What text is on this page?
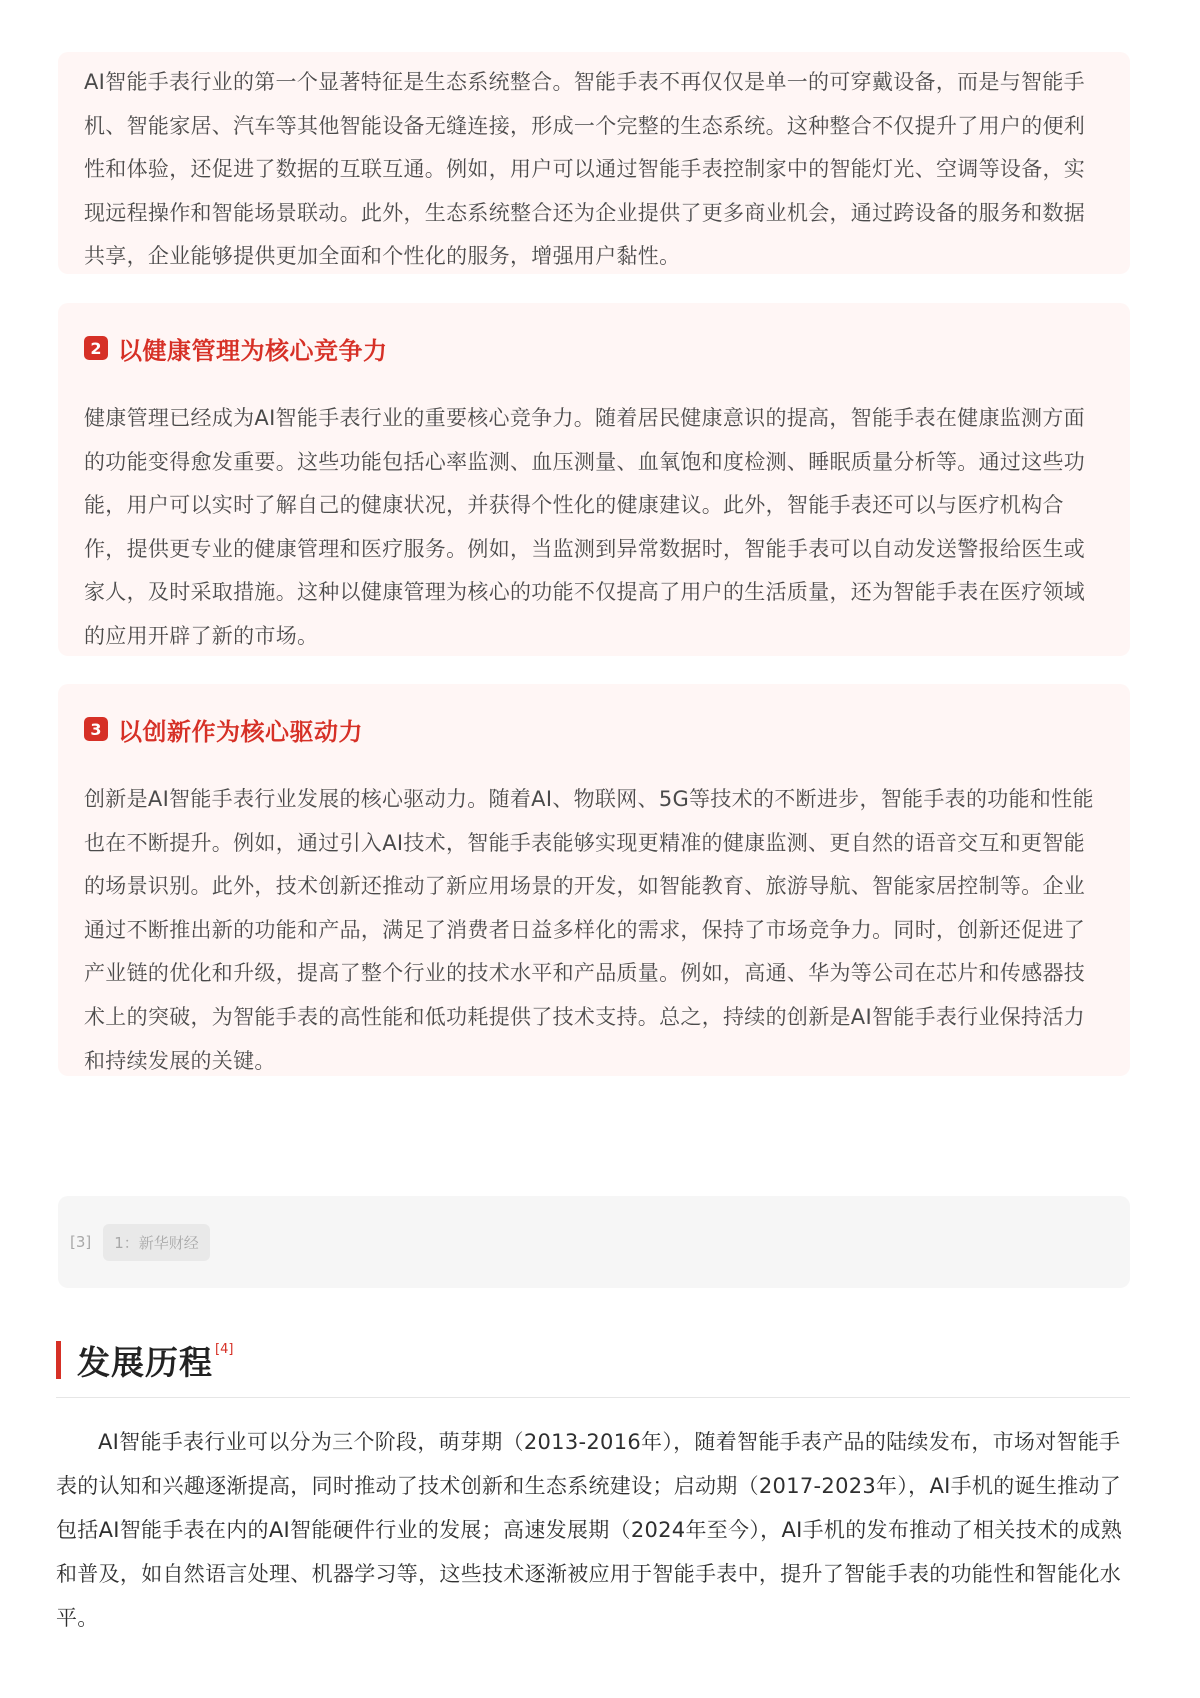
AI智能手表行业的第一个显著特征是生态系统整合。智能手表不再仅仅是单一的可穿戴设备，而是与智能手机、智能家居、汽车等其他智能设备无缝连接，形成一个完整的生态系统。这种整合不仅提升了用户的便利性和体验，还促进了数据的互联互通。例如，用户可以通过智能手表控制家中的智能灯光、空调等设备，实现远程操作和智能场景联动。此外，生态系统整合还为企业提供了更多商业机会，通过跨设备的服务和数据共享，企业能够提供更加全面和个性化的服务，增强用户黏性。

2 以健康管理为核心竞争力

健康管理已经成为AI智能手表行业的重要核心竞争力。随着居民健康意识的提高，智能手表在健康监测方面的功能变得愈发重要。这些功能包括心率监测、血压测量、血氧饱和度检测、睡眠质量分析等。通过这些功能，用户可以实时了解自己的健康状况，并获得个性化的健康建议。此外，智能手表还可以与医疗机构合作，提供更专业的健康管理和医疗服务。例如，当监测到异常数据时，智能手表可以自动发送警报给医生或家人，及时采取措施。这种以健康管理为核心的功能不仅提高了用户的生活质量，还为智能手表在医疗领域的应用开辟了新的市场。

3 以创新作为核心驱动力

创新是AI智能手表行业发展的核心驱动力。随着AI、物联网、5G等技术的不断进步，智能手表的功能和性能也在不断提升。例如，通过引入AI技术，智能手表能够实现更精准的健康监测、更自然的语音交互和更智能的场景识别。此外，技术创新还推动了新应用场景的开发，如智能教育、旅游导航、智能家居控制等。企业通过不断推出新的功能和产品，满足了消费者日益多样化的需求，保持了市场竞争力。同时，创新还促进了产业链的优化和升级，提高了整个行业的技术水平和产品质量。例如，高通、华为等公司在芯片和传感器技术上的突破，为智能手表的高性能和低功耗提供了技术支持。总之，持续的创新是AI智能手表行业保持活力和持续发展的关键。

[3]	1：新华财经
发展历程 [4]

AI智能手表行业可以分为三个阶段，萌芽期（2013-2016年），随着智能手表产品的陆续发布，市场对智能手表的认知和兴趣逐渐提高，同时推动了技术创新和生态系统建设；启动期（2017-2023年），AI手机的诞生推动了包括AI智能手表在内的AI智能硬件行业的发展；高速发展期（2024年至今），AI手机的发布推动了相关技术的成熟和普及，如自然语言处理、机器学习等，这些技术逐渐被应用于智能手表中，提升了智能手表的功能性和智能化水平。
